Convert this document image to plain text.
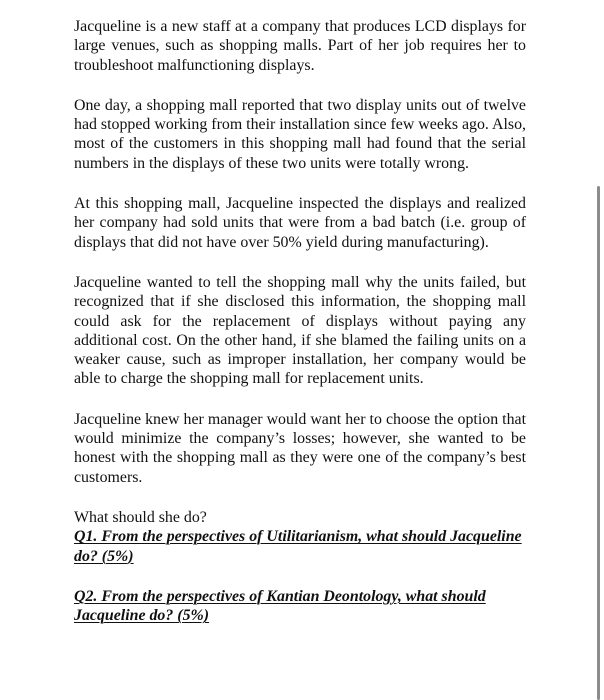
Jacqueline is a new staff at a company that produces LCD displays for large venues, such as shopping malls. Part of her job requires her to troubleshoot malfunctioning displays.

One day, a shopping mall reported that two display units out of twelve had stopped working from their installation since few weeks ago. Also, most of the customers in this shopping mall had found that the serial numbers in the displays of these two units were totally wrong.

At this shopping mall, Jacqueline inspected the displays and realized her company had sold units that were from a bad batch (i.e. group of displays that did not have over 50% yield during manufacturing).

Jacqueline wanted to tell the shopping mall why the units failed, but recognized that if she disclosed this information, the shopping mall could ask for the replacement of displays without paying any additional cost. On the other hand, if she blamed the failing units on a weaker cause, such as improper installation, her company would be able to charge the shopping mall for replacement units.

Jacqueline knew her manager would want her to choose the option that would minimize the company’s losses; however, she wanted to be honest with the shopping mall as they were one of the company’s best customers.

What should she do?

Q1. From the perspectives of Utilitarianism, what should Jacqueline do? (5%)

Q2. From the perspectives of Kantian Deontology, what should Jacqueline do? (5%)
